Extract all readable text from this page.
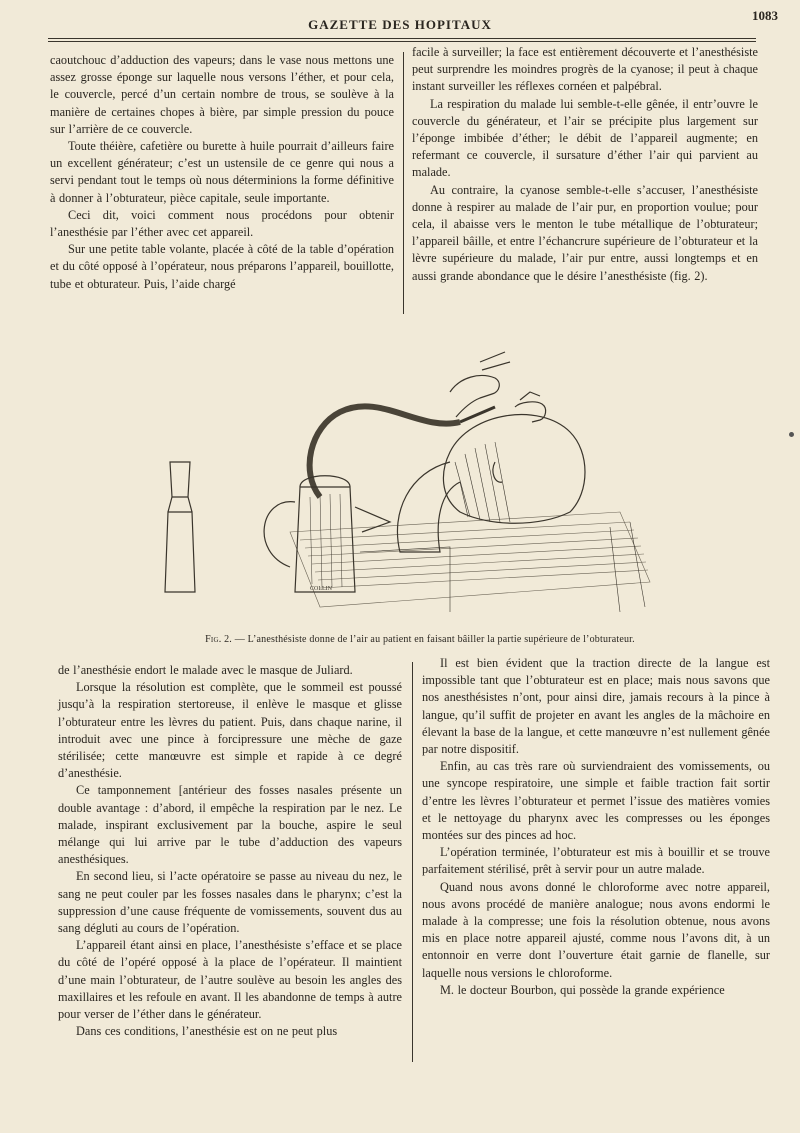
GAZETTE DES HOPITAUX
1083

caoutchouc d’adduction des vapeurs; dans le vase nous mettons une assez grosse éponge sur laquelle nous versons l’éther, et pour cela, le couvercle, percé d’un certain nombre de trous, se soulève à la manière de certaines chopes à bière, par simple pression du pouce sur l’arrière de ce couvercle.

Toute théière, cafetière ou burette à huile pourrait d’ailleurs faire un excellent générateur; c’est un ustensile de ce genre qui nous a servi pendant tout le temps où nous déterminions la forme définitive à donner à l’obturateur, pièce capitale, seule importante.

Ceci dit, voici comment nous procédons pour obtenir l’anesthésie par l’éther avec cet appareil.

Sur une petite table volante, placée à côté de la table d’opération et du côté opposé à l’opérateur, nous préparons l’appareil, bouillotte, tube et obturateur. Puis, l’aide chargé

facile à surveiller; la face est entièrement découverte et l’anesthésiste peut surprendre les moindres progrès de la cyanose; il peut à chaque instant surveiller les réflexes cornéen et palpébral.

La respiration du malade lui semble-t-elle gênée, il entr’ouvre le couvercle du générateur, et l’air se précipite plus largement sur l’éponge imbibée d’éther; le débit de l’appareil augmente; en refermant ce couvercle, il sursature d’éther l’air qui parvient au malade.

Au contraire, la cyanose semble-t-elle s’accuser, l’anesthésiste donne à respirer au malade de l’air pur, en proportion voulue; pour cela, il abaisse vers le menton le tube métallique de l’obturateur; l’appareil bâille, et entre l’échancrure supérieure de l’obturateur et la lèvre supérieure du malade, l’air pur entre, aussi longtemps et en aussi grande abondance que le désire l’anesthésiste (fig. 2).

COLLIN
Fig. 2. — L’anesthésiste donne de l’air au patient en faisant bâiller la partie supérieure de l’obturateur.

de l’anesthésie endort le malade avec le masque de Juliard.

Lorsque la résolution est complète, que le sommeil est poussé jusqu’à la respiration stertoreuse, il enlève le masque et glisse l’obturateur entre les lèvres du patient. Puis, dans chaque narine, il introduit avec une pince à forcipressure une mèche de gaze stérilisée; cette manœuvre est simple et rapide à ce degré d’anesthésie.

Ce tamponnement [antérieur des fosses nasales présente un double avantage : d’abord, il empêche la respiration par le nez. Le malade, inspirant exclusivement par la bouche, aspire le seul mélange qui lui arrive par le tube d’adduction des vapeurs anesthésiques.

En second lieu, si l’acte opératoire se passe au niveau du nez, le sang ne peut couler par les fosses nasales dans le pharynx; c’est la suppression d’une cause fréquente de vomissements, souvent dus au sang dégluti au cours de l’opération.

L’appareil étant ainsi en place, l’anesthésiste s’efface et se place du côté de l’opéré opposé à la place de l’opérateur. Il maintient d’une main l’obturateur, de l’autre soulève au besoin les angles des maxillaires et les refoule en avant. Il les abandonne de temps à autre pour verser de l’éther dans le générateur.

Dans ces conditions, l’anesthésie est on ne peut plus

Il est bien évident que la traction directe de la langue est impossible tant que l’obturateur est en place; mais nous savons que nos anesthésistes n’ont, pour ainsi dire, jamais recours à la pince à langue, qu’il suffit de projeter en avant les angles de la mâchoire en élevant la base de la langue, et cette manœuvre n’est nullement gênée par notre dispositif.

Enfin, au cas très rare où surviendraient des vomissements, ou une syncope respiratoire, une simple et faible traction fait sortir d’entre les lèvres l’obturateur et permet l’issue des matières vomies et le nettoyage du pharynx avec les compresses ou les éponges montées sur des pinces ad hoc.

L’opération terminée, l’obturateur est mis à bouillir et se trouve parfaitement stérilisé, prêt à servir pour un autre malade.

Quand nous avons donné le chloroforme avec notre appareil, nous avons procédé de manière analogue; nous avons endormi le malade à la compresse; une fois la résolution obtenue, nous avons mis en place notre appareil ajusté, comme nous l’avons dit, à un entonnoir en verre dont l’ouverture était garnie de flanelle, sur laquelle nous versions le chloroforme.

M. le docteur Bourbon, qui possède la grande expérience
